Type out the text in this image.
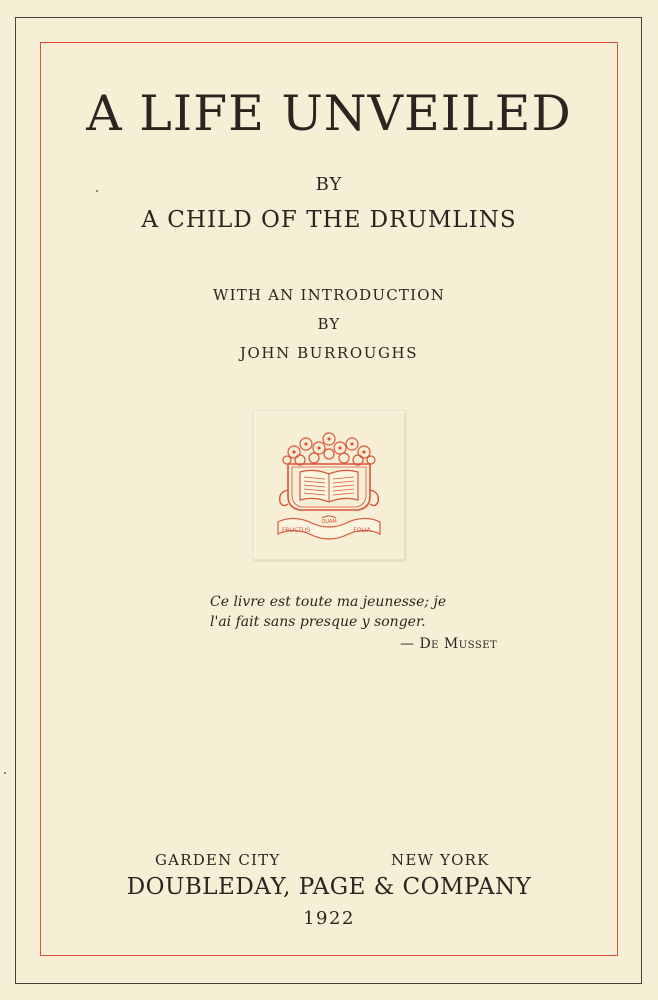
A LIFE UNVEILED
BY
A CHILD OF THE DRUMLINS
WITH AN INTRODUCTION
BY
JOHN BURROUGHS
FRUCTUS
QUAM
FOLIA
Ce livre est toute ma jeunesse; je
l'ai fait sans presque y songer.
— De Musset
GARDEN CITY	NEW YORK
DOUBLEDAY, PAGE & COMPANY
1922
